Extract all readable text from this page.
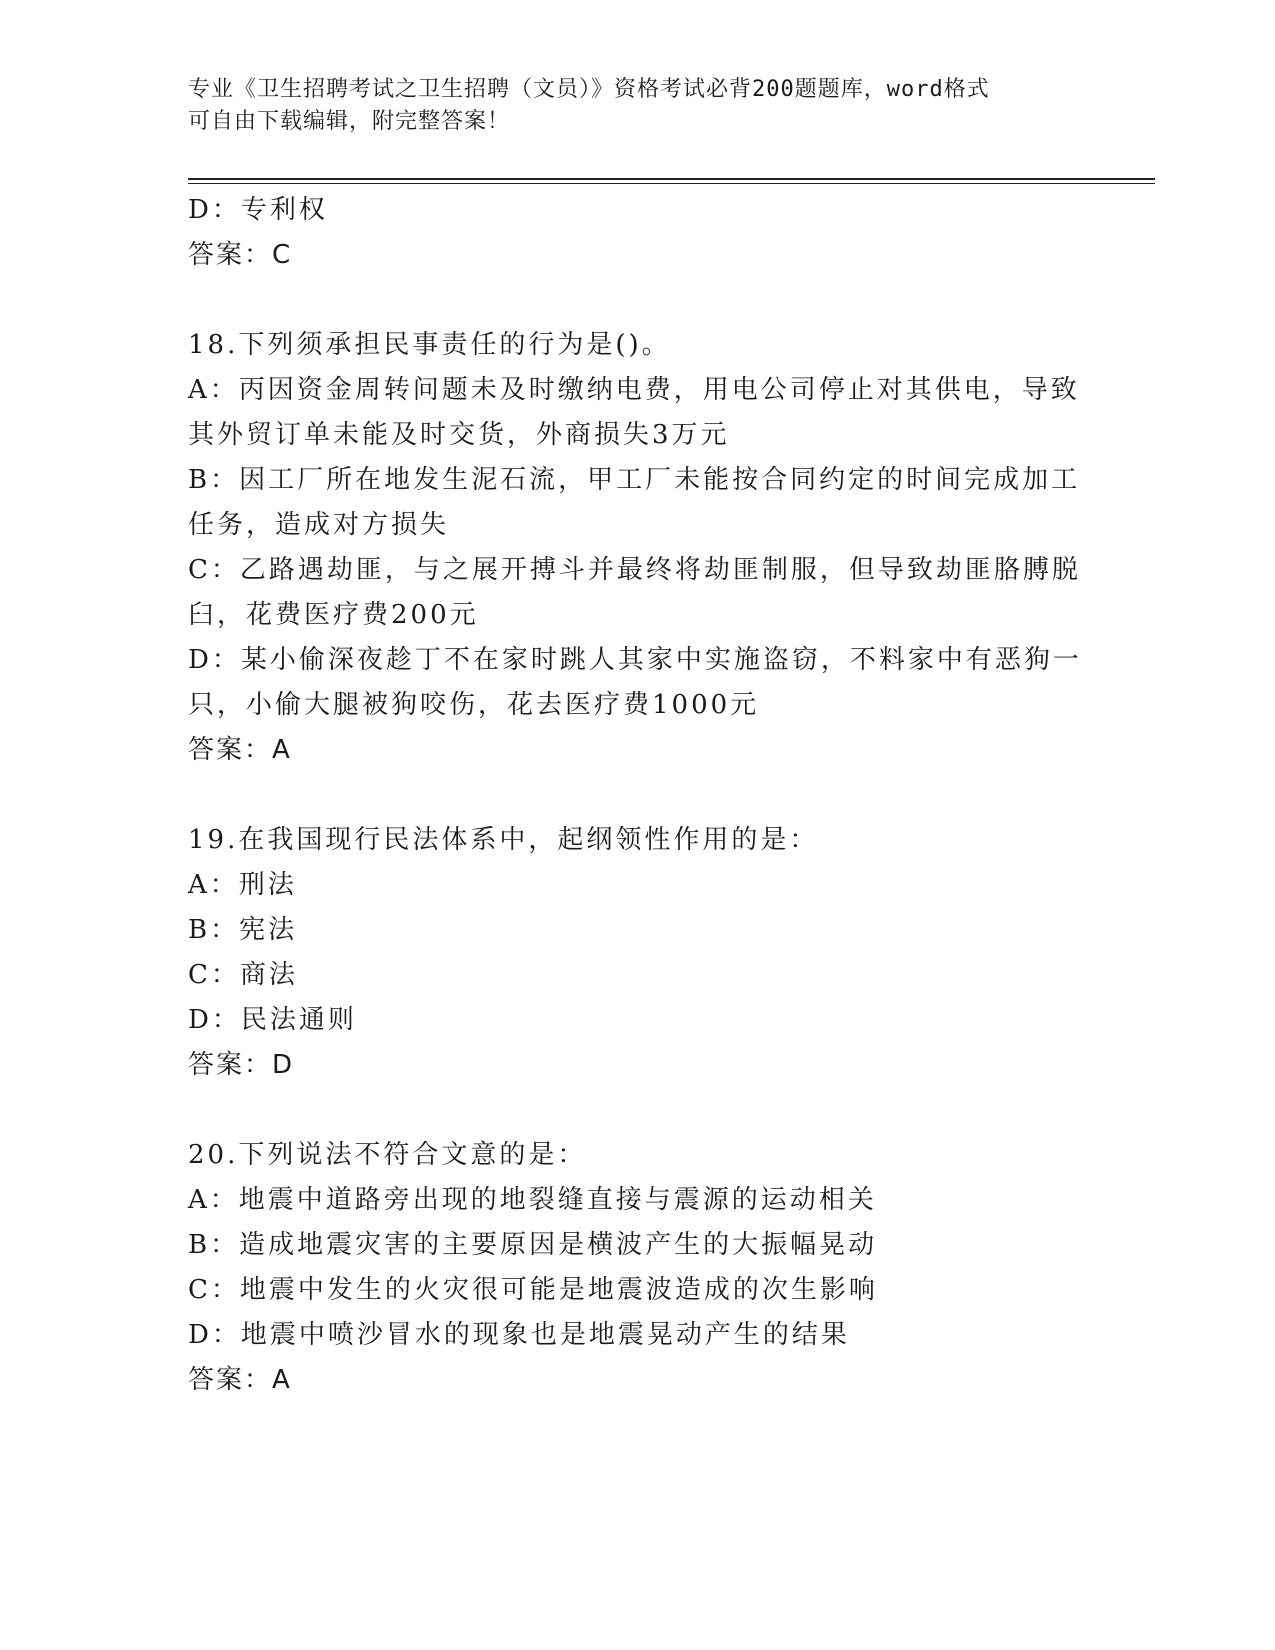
专业《卫生招聘考试之卫生招聘（文员）》资格考试必背200题题库，word格式
可自由下载编辑，附完整答案！
D：专利权
答案：C
18.下列须承担民事责任的行为是()。
A：丙因资金周转问题未及时缴纳电费，用电公司停止对其供电，导致
其外贸订单未能及时交货，外商损失3万元
B：因工厂所在地发生泥石流，甲工厂未能按合同约定的时间完成加工
任务，造成对方损失
C：乙路遇劫匪，与之展开搏斗并最终将劫匪制服，但导致劫匪胳膊脱
臼，花费医疗费200元
D：某小偷深夜趁丁不在家时跳人其家中实施盗窃，不料家中有恶狗一
只，小偷大腿被狗咬伤，花去医疗费1000元
答案：A
19.在我国现行民法体系中，起纲领性作用的是：
A：刑法
B：宪法
C：商法
D：民法通则
答案：D
20.下列说法不符合文意的是：
A：地震中道路旁出现的地裂缝直接与震源的运动相关
B：造成地震灾害的主要原因是横波产生的大振幅晃动
C：地震中发生的火灾很可能是地震波造成的次生影响
D：地震中喷沙冒水的现象也是地震晃动产生的结果
答案：A
